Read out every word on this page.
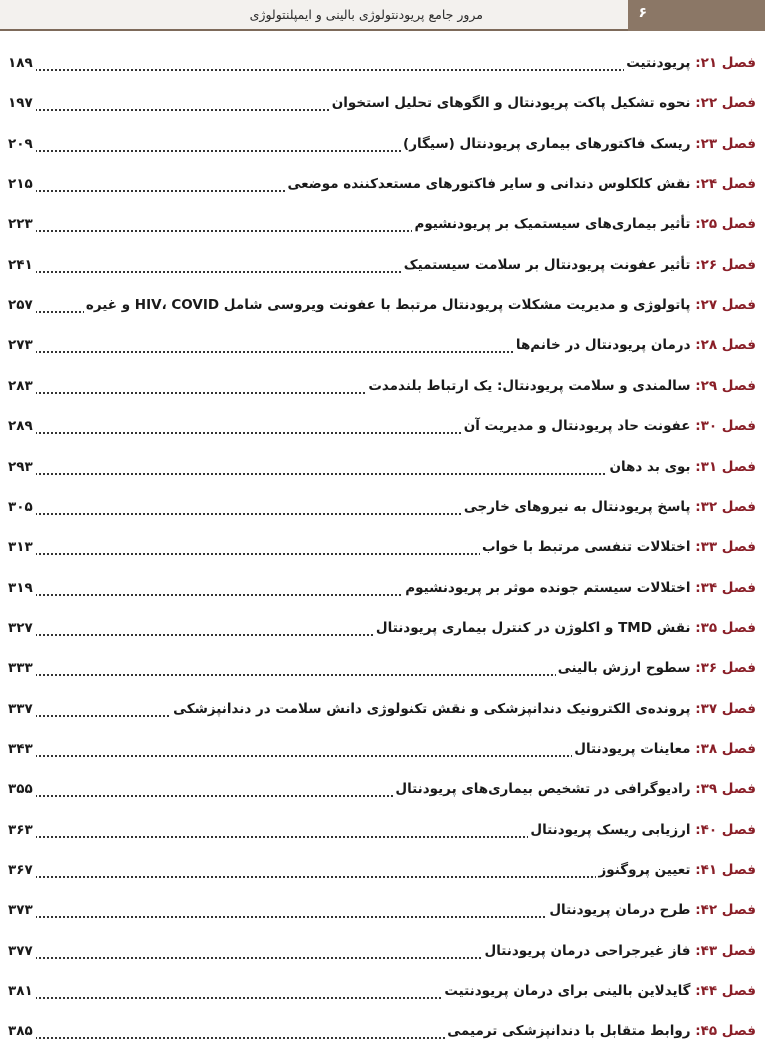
مرور جامع پریودنتولوژی بالینی و ایمپلنتولوژی	۶
فصل ۲۱:

پریودنتیت
۱۸۹
فصل ۲۲:

نحوه تشکیل پاکت پریودنتال و الگوهای تحلیل استخوان
۱۹۷
فصل ۲۳:

ریسک فاکتورهای بیماری پریودنتال (سیگار)
۲۰۹
فصل ۲۴:

نقش کلکلوس دندانی و سایر فاکتورهای مستعدکننده موضعی
۲۱۵
فصل ۲۵:

تأثیر بیماری‌های سیستمیک بر پریودنشیوم
۲۲۳
فصل ۲۶:

تأثیر عفونت پریودنتال بر سلامت سیستمیک
۲۴۱
فصل ۲۷:

پاتولوژی و مدیریت مشکلات پریودنتال مرتبط با عفونت ویروسی شامل HIV، COVID و غیره
۲۵۷
فصل ۲۸:

درمان پریودنتال در خانم‌ها
۲۷۳
فصل ۲۹:

سالمندی و سلامت پریودنتال: یک ارتباط بلندمدت
۲۸۳
فصل ۳۰:

عفونت حاد پریودنتال و مدیریت آن
۲۸۹
فصل ۳۱:

بوی بد دهان
۲۹۳
فصل ۳۲:

پاسخ پریودنتال به نیروهای خارجی
۳۰۵
فصل ۳۳:

اختلالات تنفسی مرتبط با خواب
۳۱۳
فصل ۳۴:

اختلالات سیستم جونده موثر بر پریودنشیوم
۳۱۹
فصل ۳۵:

نقش TMD و اکلوژن در کنترل بیماری پریودنتال
۳۲۷
فصل ۳۶:

سطوح ارزش بالینی
۳۳۳
فصل ۳۷:

پرونده‌ی الکترونیک دندانپزشکی و نقش تکنولوژی دانش سلامت در دندانپزشکی
۳۳۷
فصل ۳۸:

معاینات پریودنتال
۳۴۳
فصل ۳۹:

رادیوگرافی در تشخیص بیماری‌های پریودنتال
۳۵۵
فصل ۴۰:

ارزیابی ریسک پریودنتال
۳۶۳
فصل ۴۱:

تعیین پروگنوز
۳۶۷
فصل ۴۲:

طرح درمان پریودنتال
۳۷۳
فصل ۴۳:

فاز غیرجراحی درمان پریودنتال
۳۷۷
فصل ۴۴:

گایدلاین بالینی برای درمان پریودنتیت
۳۸۱
فصل ۴۵:

روابط متقابل با دندانپزشکی ترمیمی
۳۸۵
